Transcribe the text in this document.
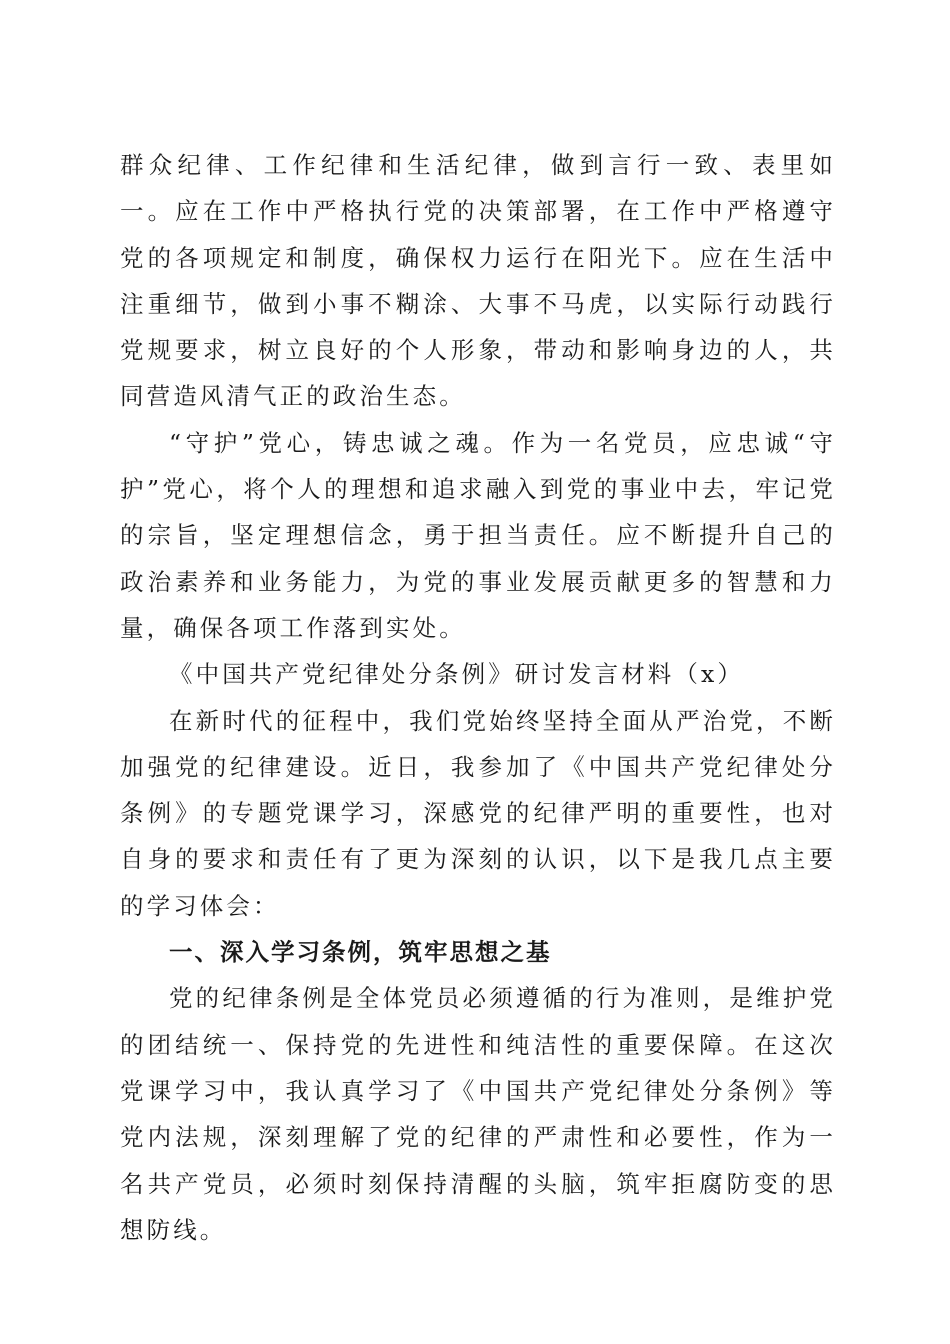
群众纪律、工作纪律和生活纪律，做到言行一致、表里如一。应在工作中严格执行党的决策部署，在工作中严格遵守党的各项规定和制度，确保权力运行在阳光下。应在生活中注重细节，做到小事不糊涂、大事不马虎，以实际行动践行党规要求，树立良好的个人形象，带动和影响身边的人，共同营造风清气正的政治生态。

“守护”党心，铸忠诚之魂。作为一名党员，应忠诚“守护”党心，将个人的理想和追求融入到党的事业中去，牢记党的宗旨，坚定理想信念，勇于担当责任。应不断提升自己的政治素养和业务能力，为党的事业发展贡献更多的智慧和力量，确保各项工作落到实处。

《中国共产党纪律处分条例》研讨发言材料（x）

在新时代的征程中，我们党始终坚持全面从严治党，不断加强党的纪律建设。近日，我参加了《中国共产党纪律处分条例》的专题党课学习，深感党的纪律严明的重要性，也对自身的要求和责任有了更为深刻的认识，以下是我几点主要的学习体会：

一、深入学习条例，筑牢思想之基

党的纪律条例是全体党员必须遵循的行为准则，是维护党的团结统一、保持党的先进性和纯洁性的重要保障。在这次党课学习中，我认真学习了《中国共产党纪律处分条例》等党内法规，深刻理解了党的纪律的严肃性和必要性，作为一名共产党员，必须时刻保持清醒的头脑，筑牢拒腐防变的思想防线。
